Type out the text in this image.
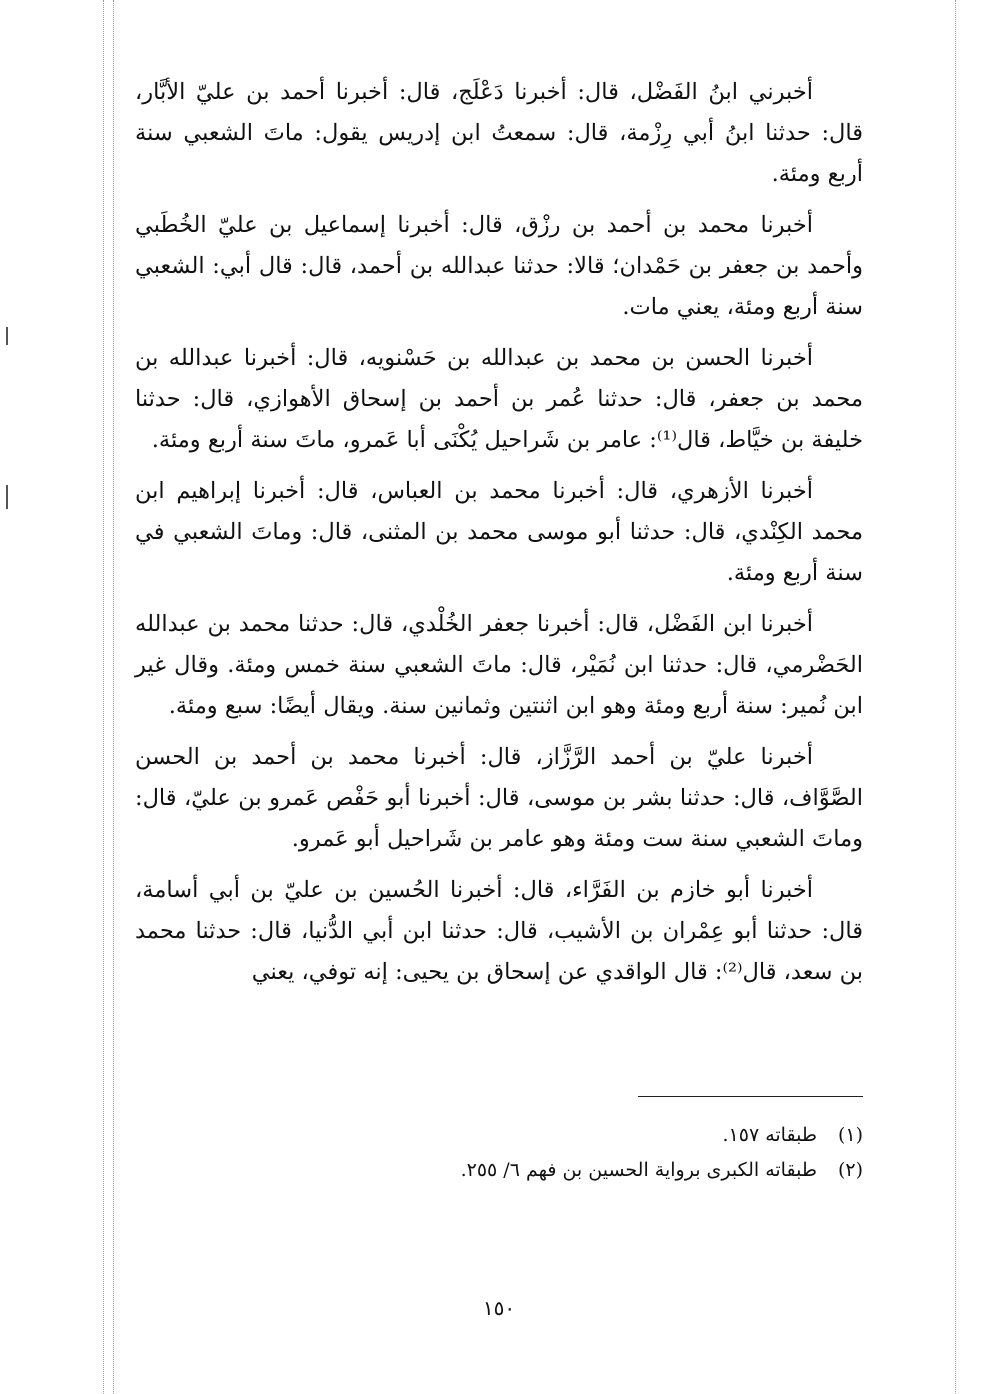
أخبرني ابنُ الفَضْل، قال: أخبرنا دَعْلَج، قال: أخبرنا أحمد بن عليّ الأبَّار، قال: حدثنا ابنُ أبي رِزْمة، قال: سمعتُ ابن إدريس يقول: ماتَ الشعبي سنة أربع ومئة.

أخبرنا محمد بن أحمد بن رزْق، قال: أخبرنا إسماعيل بن عليّ الخُطَبي وأحمد بن جعفر بن حَمْدان؛ قالا: حدثنا عبدالله بن أحمد، قال: قال أبي: الشعبي سنة أربع ومئة، يعني مات.

أخبرنا الحسن بن محمد بن عبدالله بن حَسْنويه، قال: أخبرنا عبدالله بن محمد بن جعفر، قال: حدثنا عُمر بن أحمد بن إسحاق الأهوازي، قال: حدثنا خليفة بن خيَّاط، قال⁽¹⁾: عامر بن شَراحيل يُكْنَى أبا عَمرو، ماتَ سنة أربع ومئة.

أخبرنا الأزهري، قال: أخبرنا محمد بن العباس، قال: أخبرنا إبراهيم ابن محمد الكِنْدي، قال: حدثنا أبو موسى محمد بن المثنى، قال: وماتَ الشعبي في سنة أربع ومئة.

أخبرنا ابن الفَضْل، قال: أخبرنا جعفر الخُلْدي، قال: حدثنا محمد بن عبدالله الحَضْرمي، قال: حدثنا ابن نُمَيْر، قال: ماتَ الشعبي سنة خمس ومئة. وقال غير ابن نُمير: سنة أربع ومئة وهو ابن اثنتين وثمانين سنة. ويقال أيضًا: سبع ومئة.

أخبرنا عليّ بن أحمد الرَّزَّاز، قال: أخبرنا محمد بن أحمد بن الحسن الصَّوَّاف، قال: حدثنا بشر بن موسى، قال: أخبرنا أبو حَفْص عَمرو بن عليّ، قال: وماتَ الشعبي سنة ست ومئة وهو عامر بن شَراحيل أبو عَمرو.

أخبرنا أبو خازم بن الفَرَّاء، قال: أخبرنا الحُسين بن عليّ بن أبي أسامة، قال: حدثنا أبو عِمْران بن الأشيب، قال: حدثنا ابن أبي الدُّنيا، قال: حدثنا محمد بن سعد، قال⁽²⁾: قال الواقدي عن إسحاق بن يحيى: إنه توفي، يعني

(١) طبقاته ١٥٧.

(٢) طبقاته الكبرى برواية الحسين بن فهم ٦/ ٢٥٥.

١٥٠
